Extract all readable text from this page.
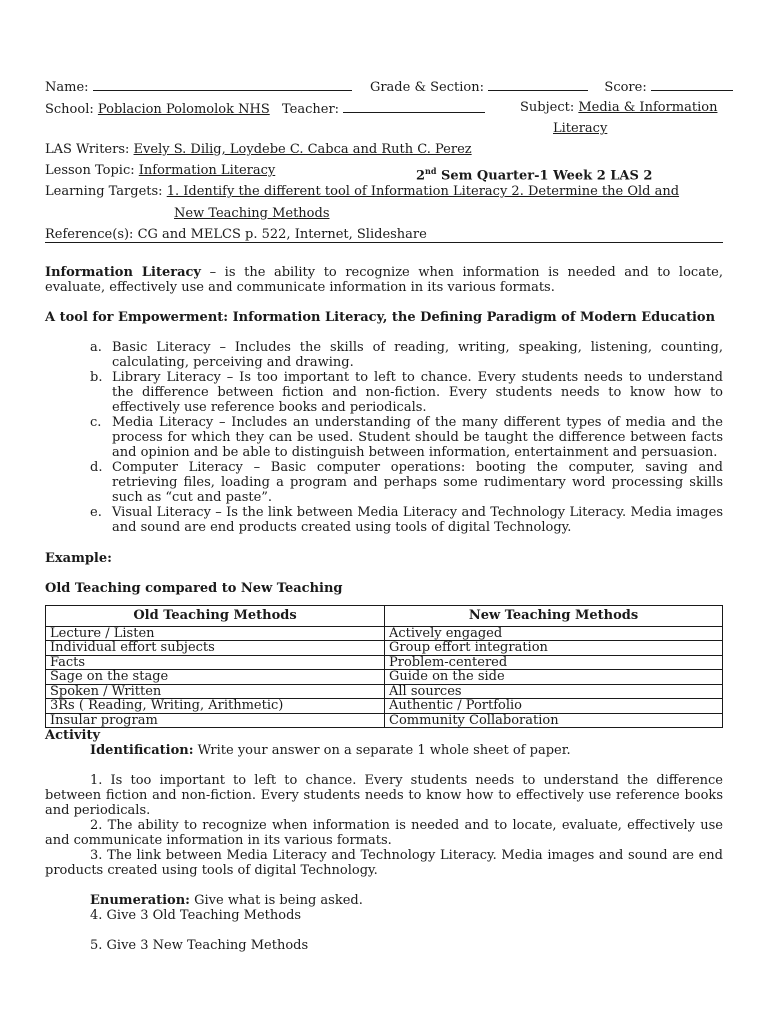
Name:	Grade & Section:	Score:
School: Poblacion Polomolok NHS Teacher:	Subject: Media & Information
Literacy
LAS Writers: Evely S. Dilig, Loydebe C. Cabca and Ruth C. Perez
Lesson Topic: Information Literacy	2nd Sem Quarter-1 Week 2 LAS 2
Learning Targets: 1. Identify the different tool of Information Literacy 2. Determine the Old and
New Teaching Methods
Reference(s): CG and MELCS p. 522, Internet, Slideshare

Information Literacy – is the ability to recognize when information is needed and to locate, evaluate, effectively use and communicate information in its various formats.

A tool for Empowerment: Information Literacy, the Defining Paradigm of Modern Education

a. Basic Literacy – Includes the skills of reading, writing, speaking, listening, counting, calculating, perceiving and drawing.
b. Library Literacy – Is too important to left to chance. Every students needs to understand the difference between fiction and non-fiction. Every students needs to know how to effectively use reference books and periodicals.
c. Media Literacy – Includes an understanding of the many different types of media and the process for which they can be used. Student should be taught the difference between facts and opinion and be able to distinguish between information, entertainment and persuasion.
d. Computer Literacy – Basic computer operations: booting the computer, saving and retrieving files, loading a program and perhaps some rudimentary word processing skills such as “cut and paste”.
e. Visual Literacy – Is the link between Media Literacy and Technology Literacy. Media images and sound are end products created using tools of digital Technology.

Example:

Old Teaching compared to New Teaching

Old Teaching Methods	New Teaching Methods
Lecture / Listen	Actively engaged
Individual effort subjects	Group effort integration
Facts	Problem-centered
Sage on the stage	Guide on the side
Spoken / Written	All sources
3Rs ( Reading, Writing, Arithmetic)	Authentic / Portfolio
Insular program	Community Collaboration

Activity

Identification: Write your answer on a separate 1 whole sheet of paper.

1. Is too important to left to chance. Every students needs to understand the difference between fiction and non-fiction. Every students needs to know how to effectively use reference books and periodicals.

2. The ability to recognize when information is needed and to locate, evaluate, effectively use and communicate information in its various formats.

3. The link between Media Literacy and Technology Literacy. Media images and sound are end products created using tools of digital Technology.

Enumeration: Give what is being asked.

4. Give 3 Old Teaching Methods

5. Give 3 New Teaching Methods
